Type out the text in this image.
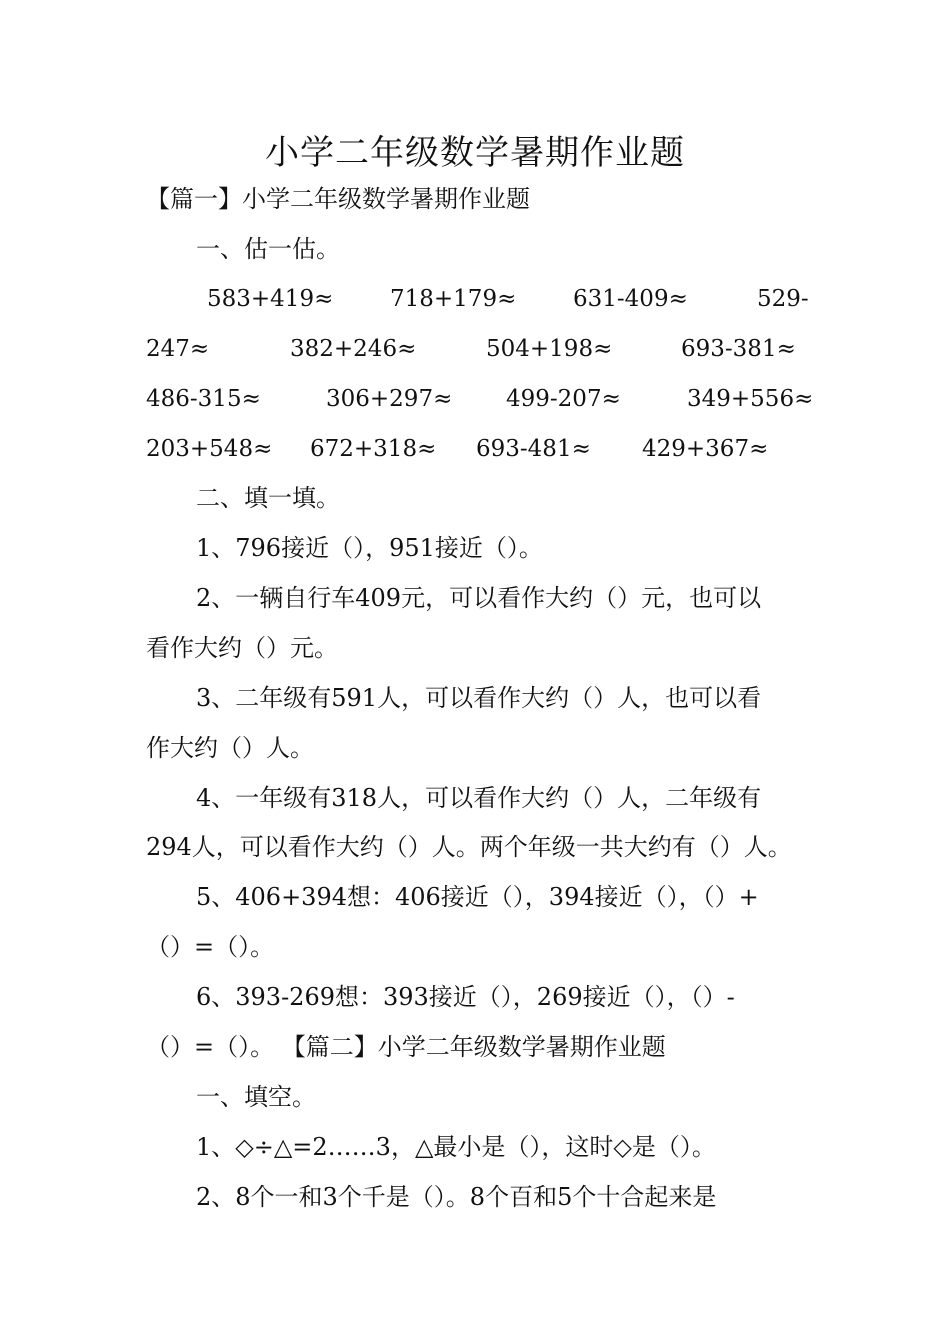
小学二年级数学暑期作业题
【篇一】小学二年级数学暑期作业题
一、估一估。
583+419≈ 718+179≈ 631-409≈	529-
247≈	382+246≈	504+198≈	693-381≈
486-315≈	306+297≈ 499-207≈	349+556≈
203+548≈ 672+318≈ 693-481≈ 429+367≈
二、填一填。
1、796接近（），951接近（）。
2、一辆自行车409元，可以看作大约（）元，也可以
看作大约（）元。
3、二年级有591人，可以看作大约（）人，也可以看
作大约（）人。
4、一年级有318人，可以看作大约（）人，二年级有
294人，可以看作大约（）人。两个年级一共大约有（）人。
5、406+394想：406接近（），394接近（），（）+
（）=（）。
6、393-269想：393接近（），269接近（），（）-
（）=（）。 【篇二】小学二年级数学暑期作业题
一、填空。
1、◇÷△=2……3，△最小是（），这时◇是（）。
2、8个一和3个千是（）。8个百和5个十合起来是
